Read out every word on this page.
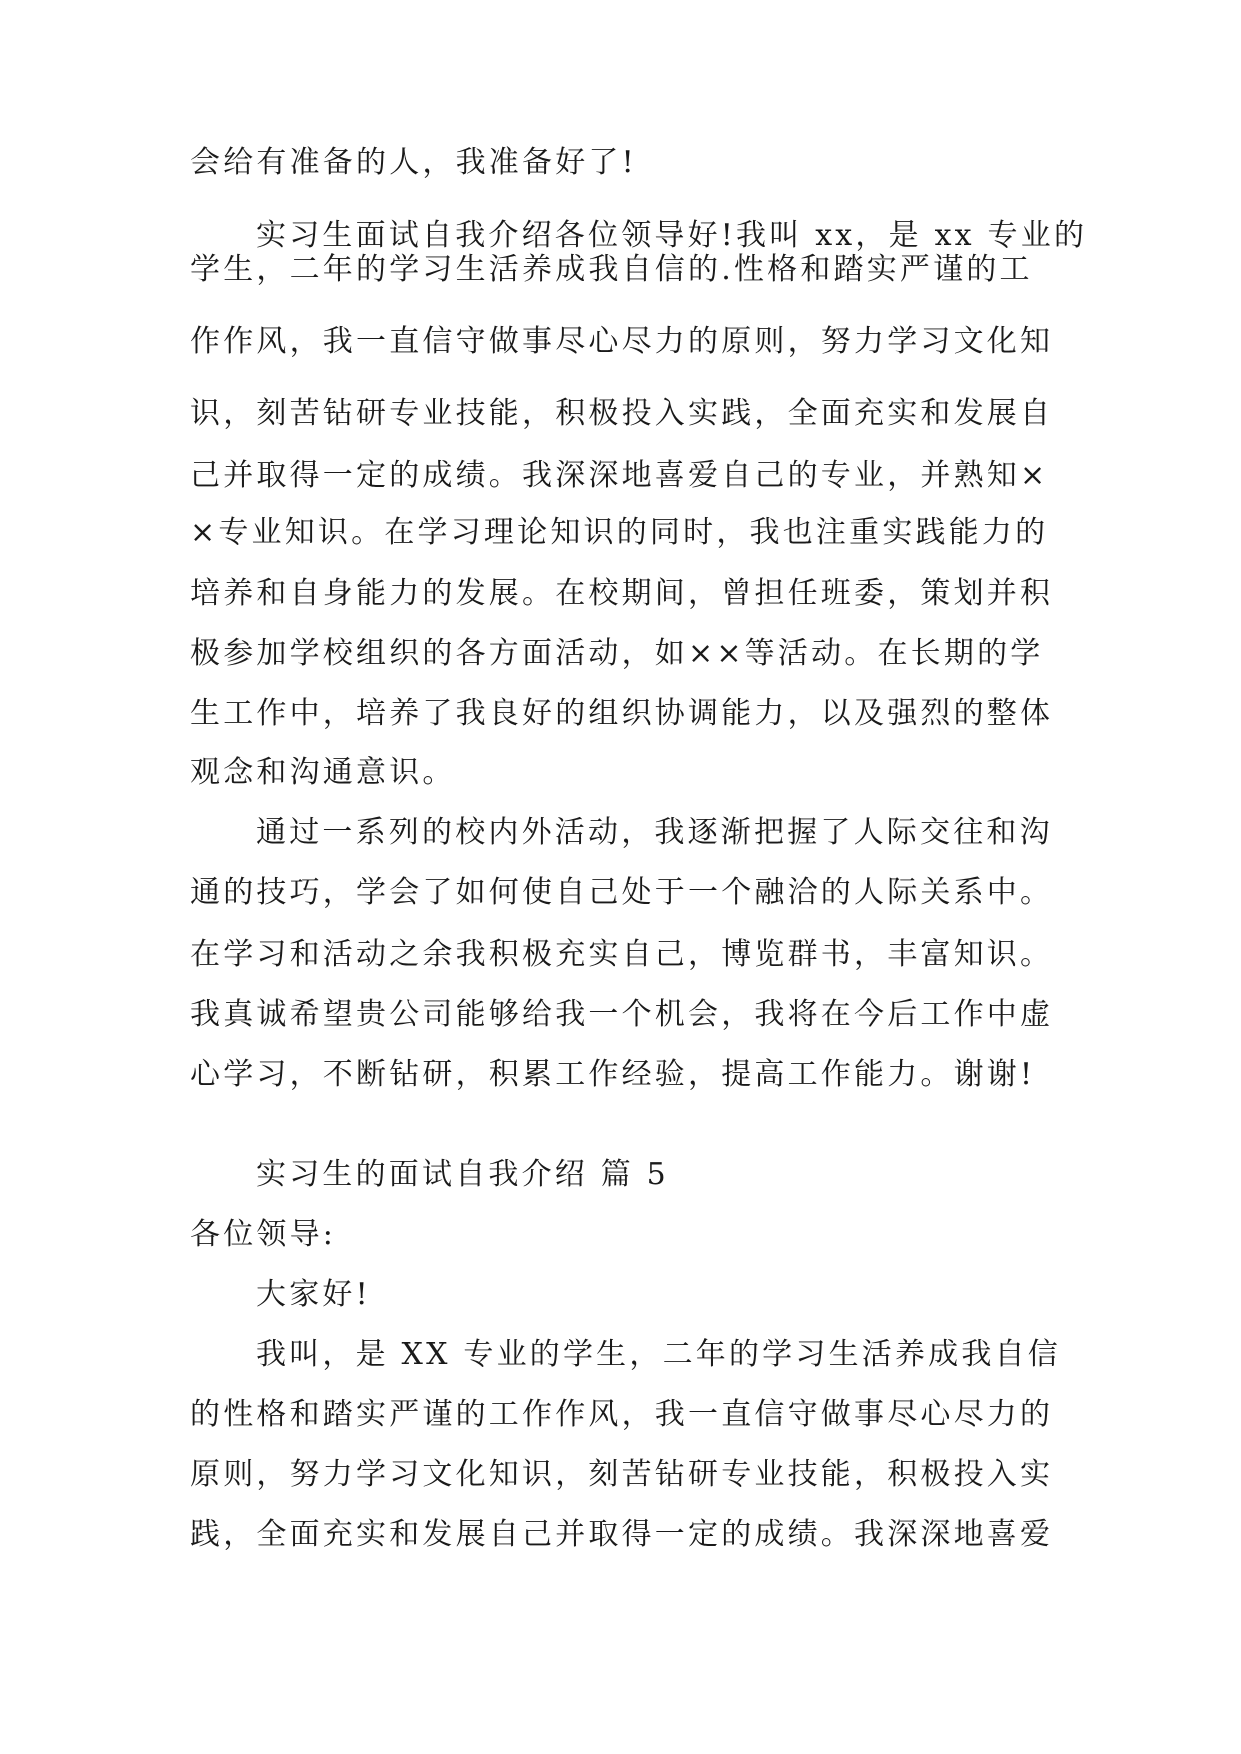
会给有准备的人，我准备好了!
实习生面试自我介绍各位领导好!我叫 xx，是 xx 专业的
学生，二年的学习生活养成我自信的.性格和踏实严谨的工
作作风，我一直信守做事尽心尽力的原则，努力学习文化知
识，刻苦钻研专业技能，积极投入实践，全面充实和发展自
己并取得一定的成绩。我深深地喜爱自己的专业，并熟知×
×专业知识。在学习理论知识的同时，我也注重实践能力的
培养和自身能力的发展。在校期间，曾担任班委，策划并积
极参加学校组织的各方面活动，如××等活动。在长期的学
生工作中，培养了我良好的组织协调能力，以及强烈的整体
观念和沟通意识。
通过一系列的校内外活动，我逐渐把握了人际交往和沟
通的技巧，学会了如何使自己处于一个融洽的人际关系中。
在学习和活动之余我积极充实自己，博览群书，丰富知识。
我真诚希望贵公司能够给我一个机会，我将在今后工作中虚
心学习，不断钻研，积累工作经验，提高工作能力。谢谢!
实习生的面试自我介绍 篇 5
各位领导:
大家好!
我叫，是 XX 专业的学生，二年的学习生活养成我自信
的性格和踏实严谨的工作作风，我一直信守做事尽心尽力的
原则，努力学习文化知识，刻苦钻研专业技能，积极投入实
践，全面充实和发展自己并取得一定的成绩。我深深地喜爱
